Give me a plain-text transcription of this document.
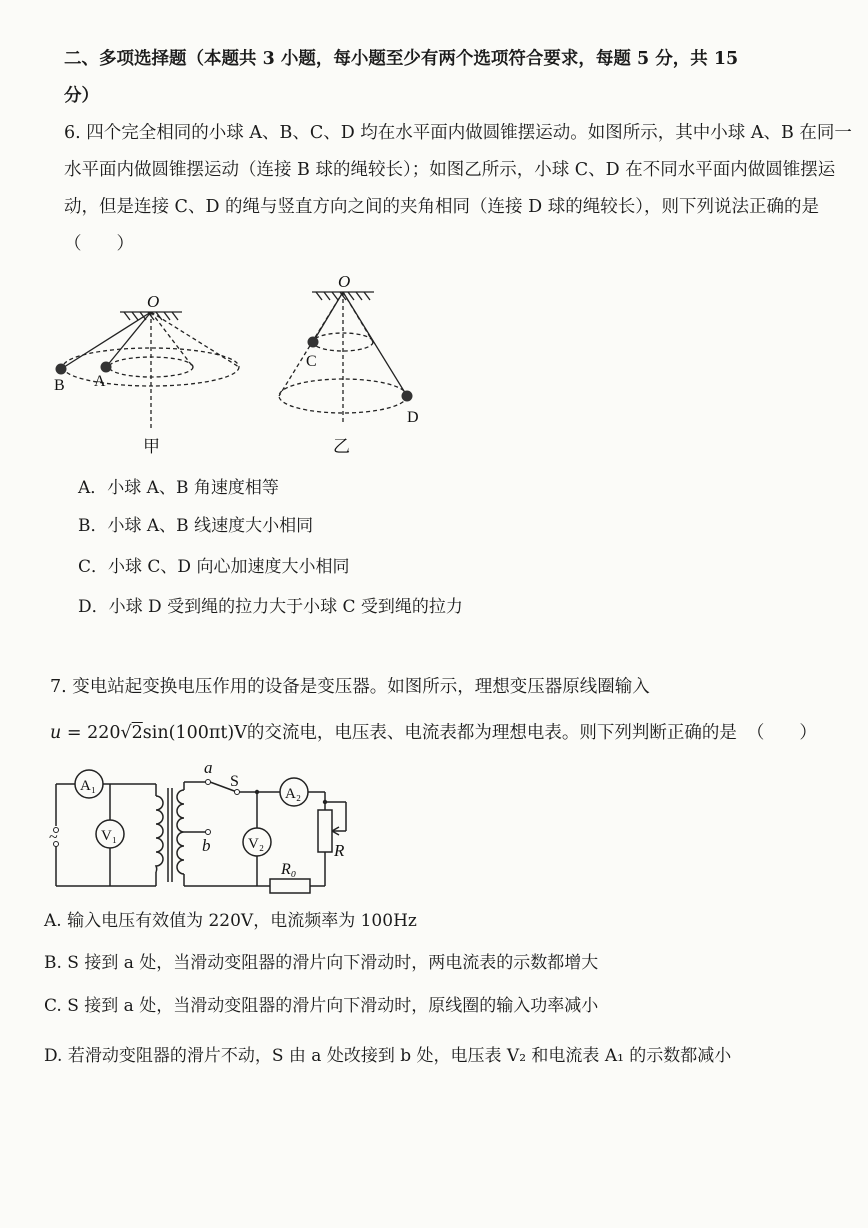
二、多项选择题（本题共 3 小题，每小题至少有两个选项符合要求，每题 5 分，共 15
分）
6. 四个完全相同的小球 A、B、C、D 均在水平面内做圆锥摆运动。如图所示，其中小球 A、B 在同一
水平面内做圆锥摆运动（连接 B 球的绳较长）；如图乙所示，小球 C、D 在不同水平面内做圆锥摆运
动，但是连接 C、D 的绳与竖直方向之间的夹角相同（连接 D 球的绳较长），则下列说法正确的是
（　　）
O
B A
甲
O
C
D
乙
A．小球 A、B 角速度相等
B．小球 A、B 线速度大小相同
C．小球 C、D 向心加速度大小相同
D．小球 D 受到绳的拉力大于小球 C 受到绳的拉力
7. 变电站起变换电压作用的设备是变压器。如图所示，理想变压器原线圈输入
u = 220√2sin(100πt)V的交流电，电压表、电流表都为理想电表。则下列判断正确的是 （　　）
~
A₁
V₁
A₂
V₂
a
b
S
R
R₀
A. 输入电压有效值为 220V，电流频率为 100Hz
B. S 接到 a 处，当滑动变阻器的滑片向下滑动时，两电流表的示数都增大
C. S 接到 a 处，当滑动变阻器的滑片向下滑动时，原线圈的输入功率减小
D. 若滑动变阻器的滑片不动，S 由 a 处改接到 b 处，电压表 V₂ 和电流表 A₁ 的示数都减小
